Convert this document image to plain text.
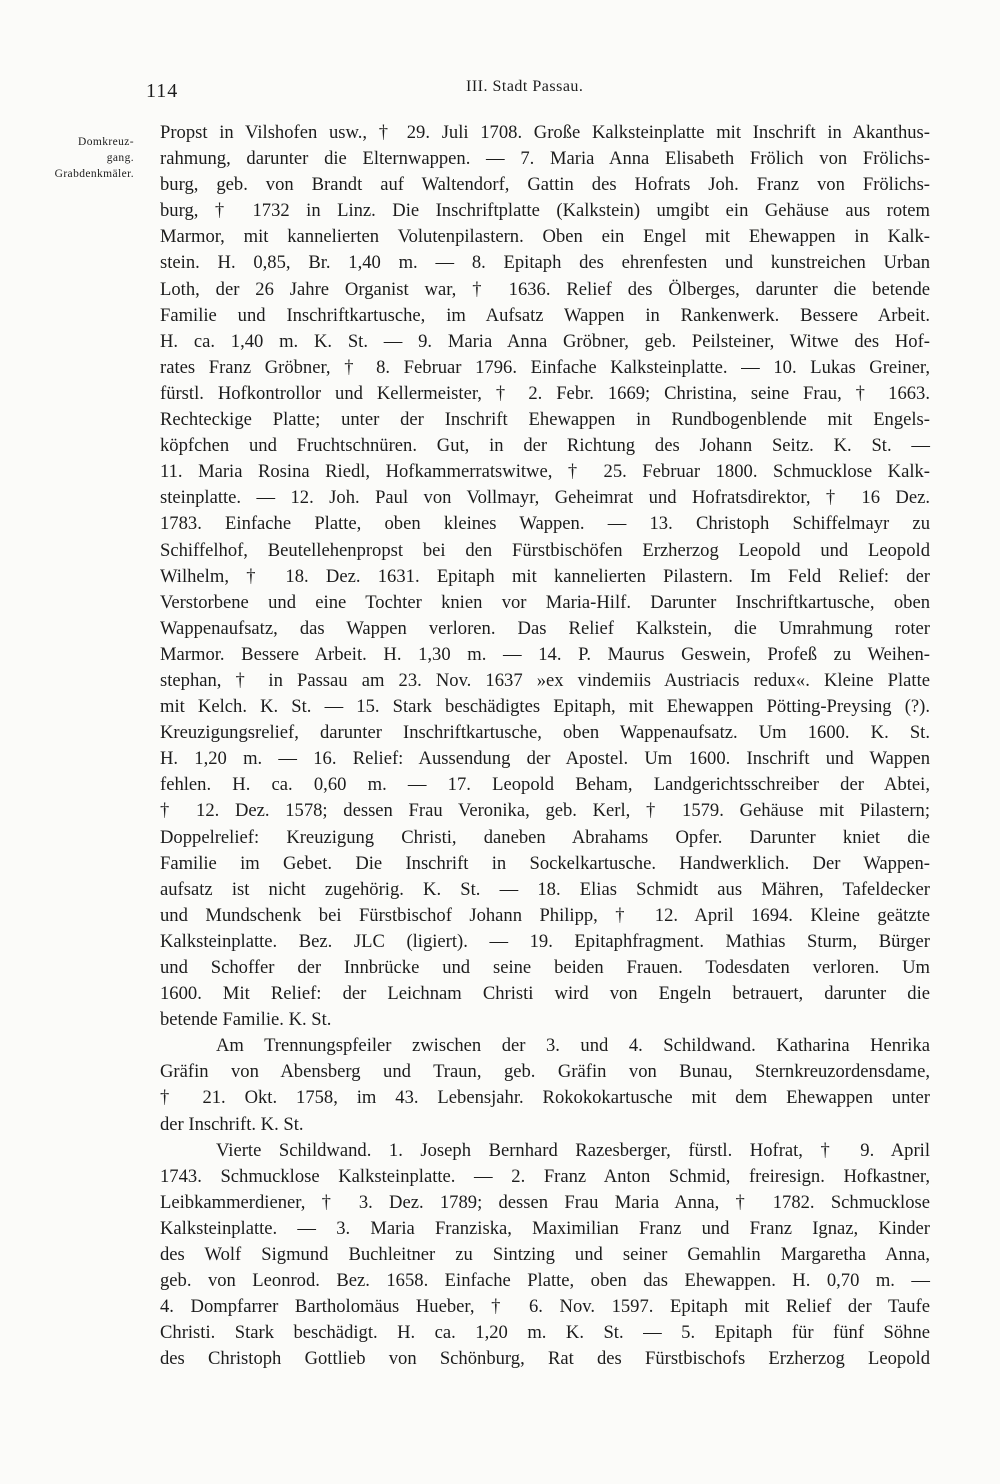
114	III. Stadt Passau.
Domkreuz-
gang.
Grabdenkmäler.
Propst in Vilshofen usw., † 29. Juli 1708. Große Kalksteinplatte mit Inschrift in Akanthus-
rahmung, darunter die Elternwappen. — 7. Maria Anna Elisabeth Frölich von Frölichs-
burg, geb. von Brandt auf Waltendorf, Gattin des Hofrats Joh. Franz von Frölichs-
burg, † 1732 in Linz. Die Inschriftplatte (Kalkstein) umgibt ein Gehäuse aus rotem
Marmor, mit kannelierten Volutenpilastern. Oben ein Engel mit Ehewappen in Kalk-
stein. H. 0,85, Br. 1,40 m. — 8. Epitaph des ehrenfesten und kunstreichen Urban
Loth, der 26 Jahre Organist war, † 1636. Relief des Ölberges, darunter die betende
Familie und Inschriftkartusche, im Aufsatz Wappen in Rankenwerk. Bessere Arbeit.
H. ca. 1,40 m. K. St. — 9. Maria Anna Gröbner, geb. Peilsteiner, Witwe des Hof-
rates Franz Gröbner, † 8. Februar 1796. Einfache Kalksteinplatte. — 10. Lukas Greiner,
fürstl. Hofkontrollor und Kellermeister, † 2. Febr. 1669; Christina, seine Frau, † 1663.
Rechteckige Platte; unter der Inschrift Ehewappen in Rundbogenblende mit Engels-
köpfchen und Fruchtschnüren. Gut, in der Richtung des Johann Seitz. K. St. —
11. Maria Rosina Riedl, Hofkammerratswitwe, † 25. Februar 1800. Schmucklose Kalk-
steinplatte. — 12. Joh. Paul von Vollmayr, Geheimrat und Hofratsdirektor, † 16 Dez.
1783. Einfache Platte, oben kleines Wappen. — 13. Christoph Schiffelmayr zu
Schiffelhof, Beutellehenpropst bei den Fürstbischöfen Erzherzog Leopold und Leopold
Wilhelm, † 18. Dez. 1631. Epitaph mit kannelierten Pilastern. Im Feld Relief: der
Verstorbene und eine Tochter knien vor Maria-Hilf. Darunter Inschriftkartusche, oben
Wappenaufsatz, das Wappen verloren. Das Relief Kalkstein, die Umrahmung roter
Marmor. Bessere Arbeit. H. 1,30 m. — 14. P. Maurus Geswein, Profeß zu Weihen-
stephan, † in Passau am 23. Nov. 1637 »ex vindemiis Austriacis redux«. Kleine Platte
mit Kelch. K. St. — 15. Stark beschädigtes Epitaph, mit Ehewappen Pötting-Preysing (?).
Kreuzigungsrelief, darunter Inschriftkartusche, oben Wappenaufsatz. Um 1600. K. St.
H. 1,20 m. — 16. Relief: Aussendung der Apostel. Um 1600. Inschrift und Wappen
fehlen. H. ca. 0,60 m. — 17. Leopold Beham, Landgerichtsschreiber der Abtei,
† 12. Dez. 1578; dessen Frau Veronika, geb. Kerl, † 1579. Gehäuse mit Pilastern;
Doppelrelief: Kreuzigung Christi, daneben Abrahams Opfer. Darunter kniet die
Familie im Gebet. Die Inschrift in Sockelkartusche. Handwerklich. Der Wappen-
aufsatz ist nicht zugehörig. K. St. — 18. Elias Schmidt aus Mähren, Tafeldecker
und Mundschenk bei Fürstbischof Johann Philipp, † 12. April 1694. Kleine geätzte
Kalksteinplatte. Bez. JLC (ligiert). — 19. Epitaphfragment. Mathias Sturm, Bürger
und Schoffer der Innbrücke und seine beiden Frauen. Todesdaten verloren. Um
1600. Mit Relief: der Leichnam Christi wird von Engeln betrauert, darunter die
betende Familie. K. St.
Am Trennungspfeiler zwischen der 3. und 4. Schildwand. Katharina Henrika
Gräfin von Abensberg und Traun, geb. Gräfin von Bunau, Sternkreuzordensdame,
† 21. Okt. 1758, im 43. Lebensjahr. Rokokokartusche mit dem Ehewappen unter
der Inschrift. K. St.
Vierte Schildwand. 1. Joseph Bernhard Razesberger, fürstl. Hofrat, † 9. April
1743. Schmucklose Kalksteinplatte. — 2. Franz Anton Schmid, freiresign. Hofkastner,
Leibkammerdiener, † 3. Dez. 1789; dessen Frau Maria Anna, † 1782. Schmucklose
Kalksteinplatte. — 3. Maria Franziska, Maximilian Franz und Franz Ignaz, Kinder
des Wolf Sigmund Buchleitner zu Sintzing und seiner Gemahlin Margaretha Anna,
geb. von Leonrod. Bez. 1658. Einfache Platte, oben das Ehewappen. H. 0,70 m. —
4. Dompfarrer Bartholomäus Hueber, † 6. Nov. 1597. Epitaph mit Relief der Taufe
Christi. Stark beschädigt. H. ca. 1,20 m. K. St. — 5. Epitaph für fünf Söhne
des Christoph Gottlieb von Schönburg, Rat des Fürstbischofs Erzherzog Leopold
